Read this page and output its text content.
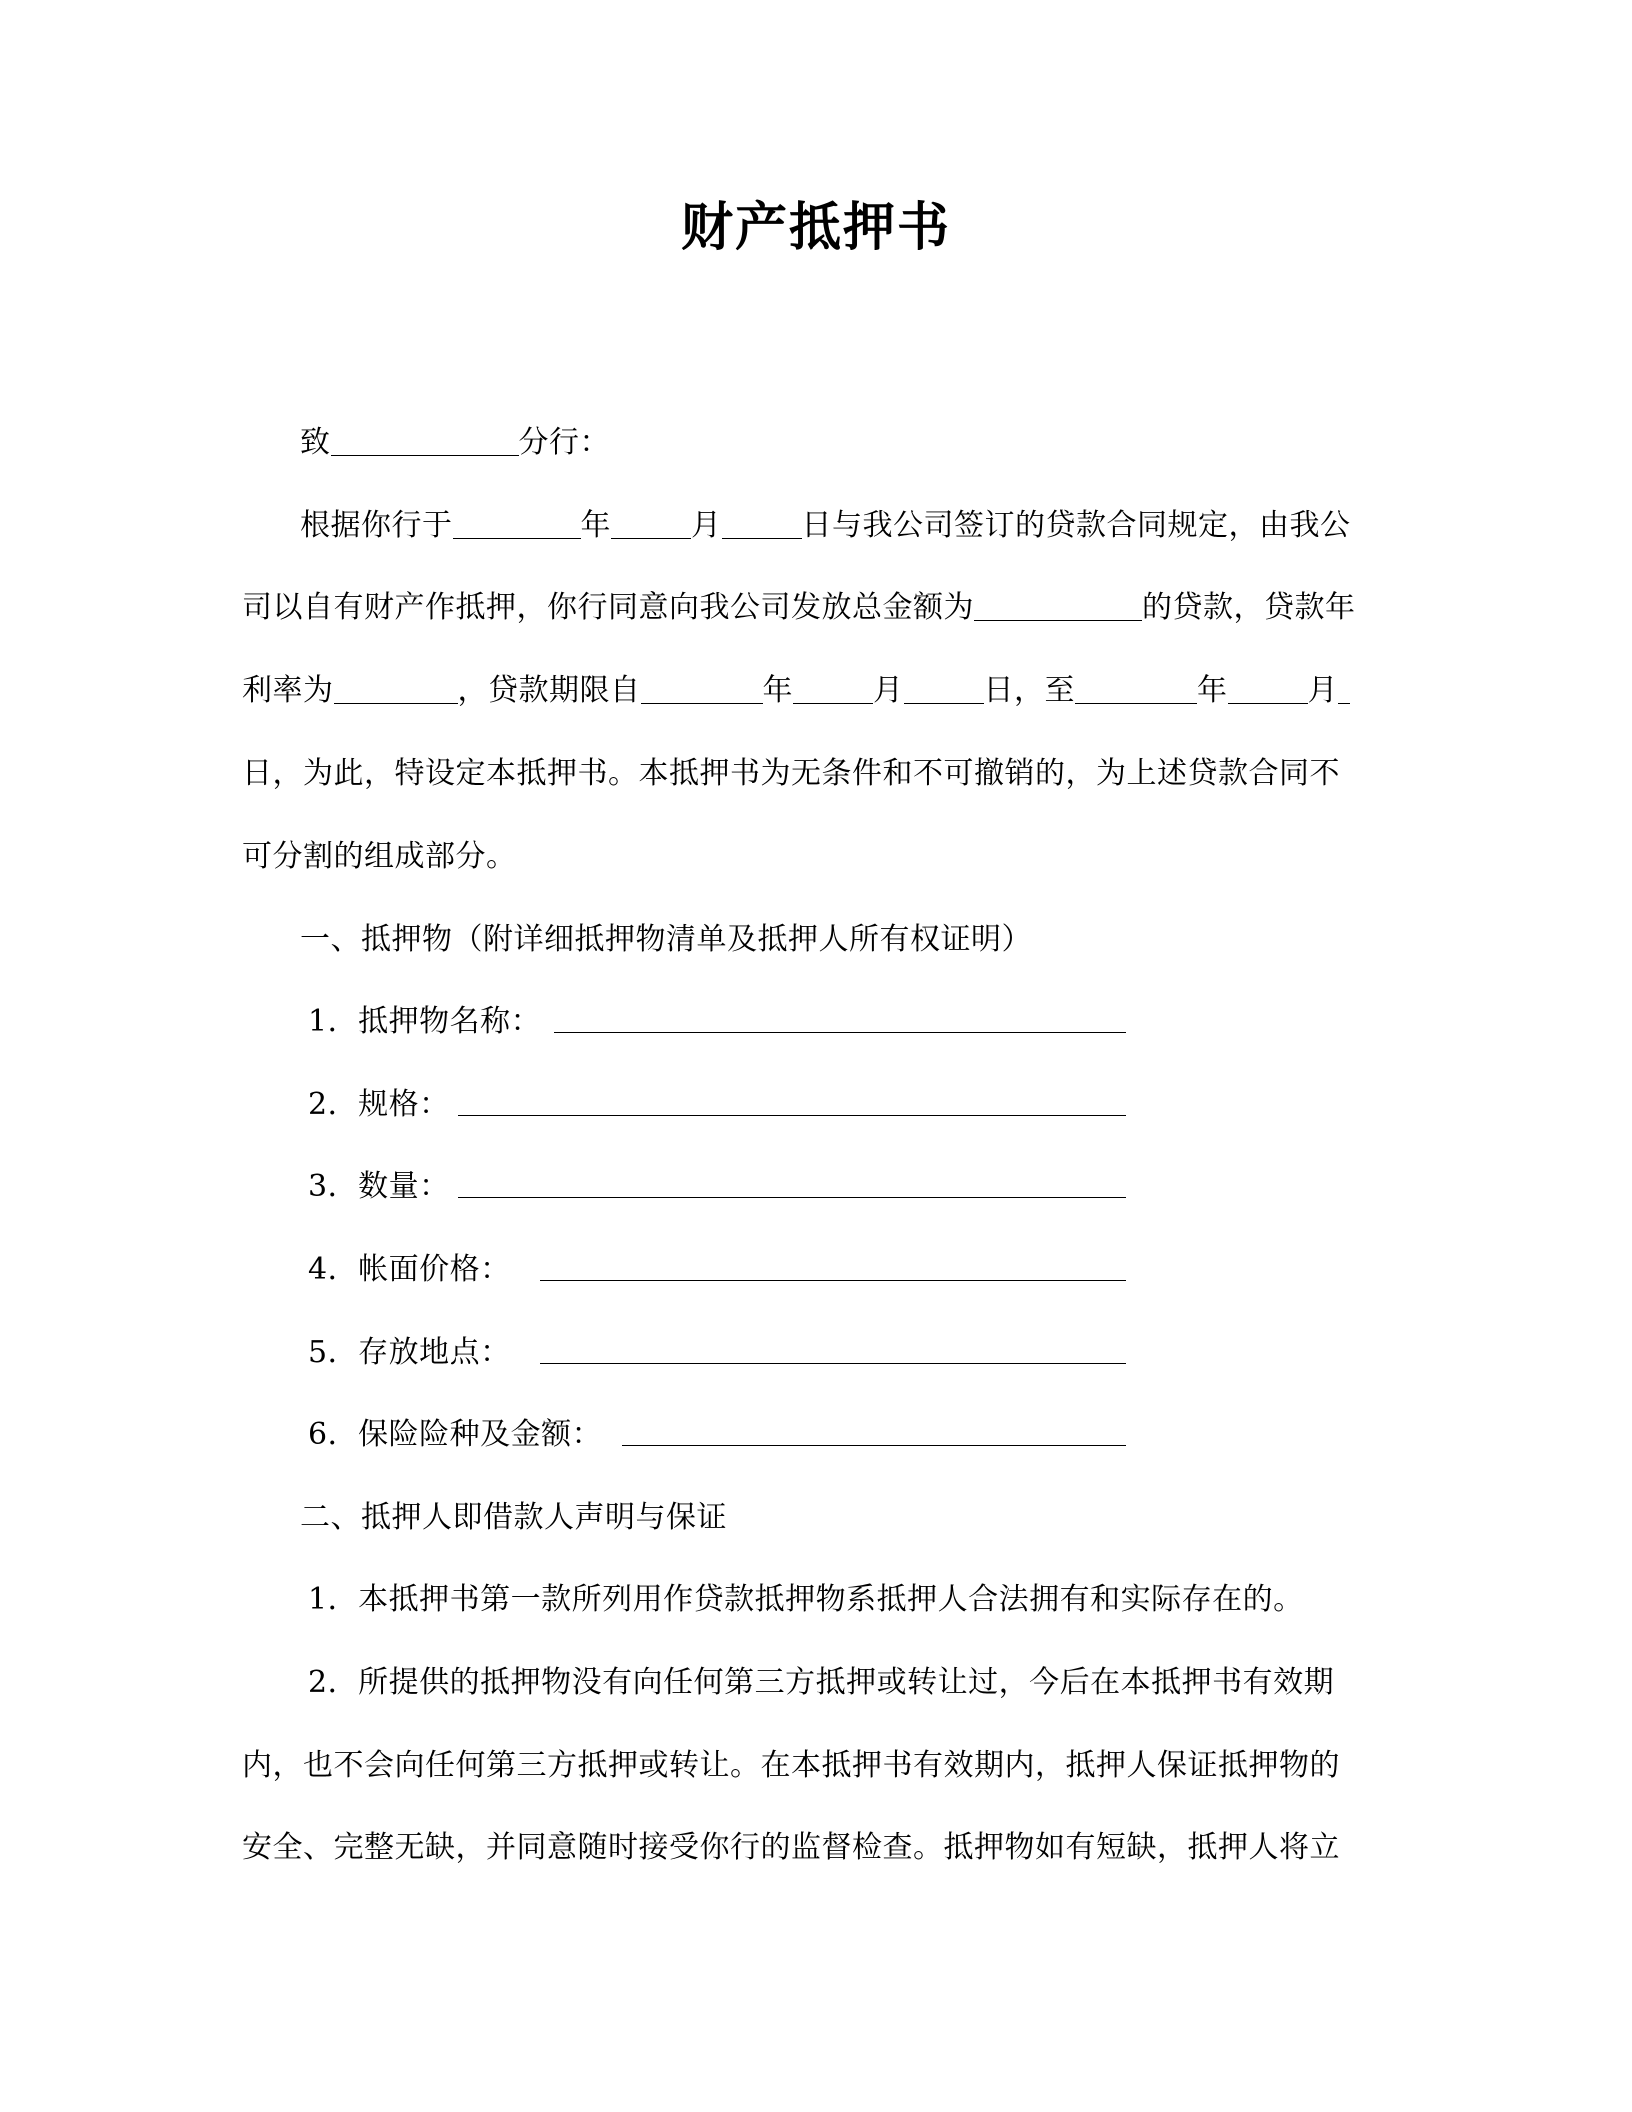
财产抵押书
致	分行：
根据你行于	年	月	日与我公司签订的贷款合同规定，由我公
司以自有财产作抵押，你行同意向我公司发放总金额为	的贷款，贷款年
利率为	，贷款期限自	年	月	日，至	年	月
日，为此，特设定本抵押书。本抵押书为无条件和不可撤销的，为上述贷款合同不
可分割的组成部分。
一、抵押物（附详细抵押物清单及抵押人所有权证明）
1．抵押物名称：
2．规格：
3．数量：
4．帐面价格：
5．存放地点：
6．保险险种及金额：
二、抵押人即借款人声明与保证
1．本抵押书第一款所列用作贷款抵押物系抵押人合法拥有和实际存在的。
2．所提供的抵押物没有向任何第三方抵押或转让过，今后在本抵押书有效期
内，也不会向任何第三方抵押或转让。在本抵押书有效期内，抵押人保证抵押物的
安全、完整无缺，并同意随时接受你行的监督检查。抵押物如有短缺，抵押人将立
